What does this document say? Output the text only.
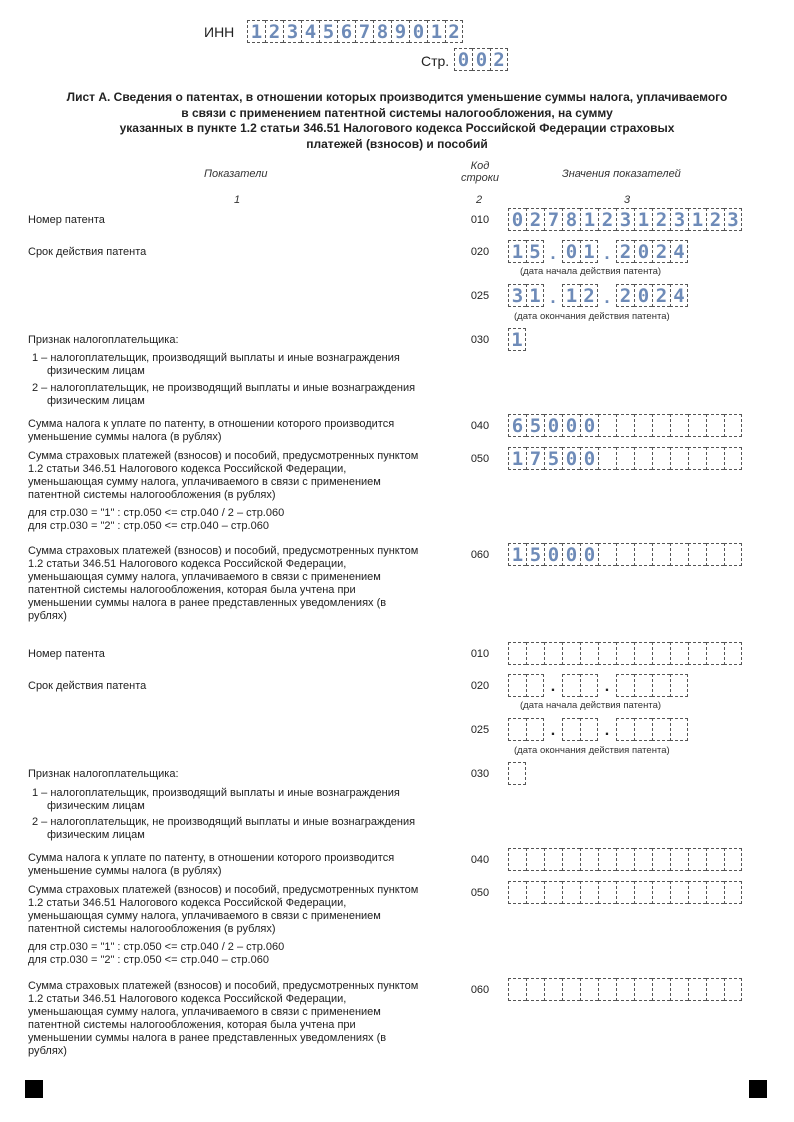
ИНН 1 2 3 4 5 6 7 8 9 0 1 2
Стр. 0 0 2
Лист А. Сведения о патентах, в отношении которых производится уменьшение суммы налога, уплачиваемого
в связи с применением патентной системы налогообложения, на сумму
указанных в пункте 1.2 статьи 346.51 Налогового кодекса Российской Федерации страховых
платежей (взносов) и пособий
Показатели
Код
строки	Значения показателей
1	2	3
Номер патента	010	0 2 7 8 1 2 3 1 2 3 1 2 З
Срок действия патента	020	1 5 . 0 1 . 2 0 2 4
(дата начала действия патента)
025	3 1 . 1 2 . 2 0 2 4
(дата окончания действия патента)
Признак налогоплательщика:	030	1
1 – налогоплательщик, производящий выплаты и иные вознаграждения
физическим лицам
2 – налогоплательщик, не производящий выплаты и иные вознаграждения
физическим лицам
Сумма налога к уплате по патенту, в отношении которого производится
уменьшение суммы налога (в рублях)
040	6 5 0 0 0
Сумма страховых платежей (взносов) и пособий, предусмотренных пунктом
1.2 статьи 346.51 Налогового кодекса Российской Федерации,
уменьшающая сумму налога, уплачиваемого в связи с применением
патентной системы налогообложения (в рублях)
для стр.030 = "1" : стр.050 <= стр.040 / 2 – стр.060
для стр.030 = "2" : стр.050 <= стр.040 – стр.060
050	1 7 5 0 0
Сумма страховых платежей (взносов) и пособий, предусмотренных пунктом
1.2 статьи 346.51 Налогового кодекса Российской Федерации,
уменьшающая сумму налога, уплачиваемого в связи с применением
патентной системы налогообложения, которая была учтена при
уменьшении суммы налога в ранее представленных уведомлениях (в
рублях)
060	1 5 0 0 0
Номер патента	010
Срок действия патента	020	.	.
(дата начала действия патента)
025	.	.
(дата окончания действия патента)
Признак налогоплательщика:	030
1 – налогоплательщик, производящий выплаты и иные вознаграждения
физическим лицам
2 – налогоплательщик, не производящий выплаты и иные вознаграждения
физическим лицам
Сумма налога к уплате по патенту, в отношении которого производится
уменьшение суммы налога (в рублях)
040
Сумма страховых платежей (взносов) и пособий, предусмотренных пунктом
1.2 статьи 346.51 Налогового кодекса Российской Федерации,
уменьшающая сумму налога, уплачиваемого в связи с применением
патентной системы налогообложения (в рублях)
для стр.030 = "1" : стр.050 <= стр.040 / 2 – стр.060
для стр.030 = "2" : стр.050 <= стр.040 – стр.060
050
Сумма страховых платежей (взносов) и пособий, предусмотренных пунктом
1.2 статьи 346.51 Налогового кодекса Российской Федерации,
уменьшающая сумму налога, уплачиваемого в связи с применением
патентной системы налогообложения, которая была учтена при
уменьшении суммы налога в ранее представленных уведомлениях (в
рублях)
060
